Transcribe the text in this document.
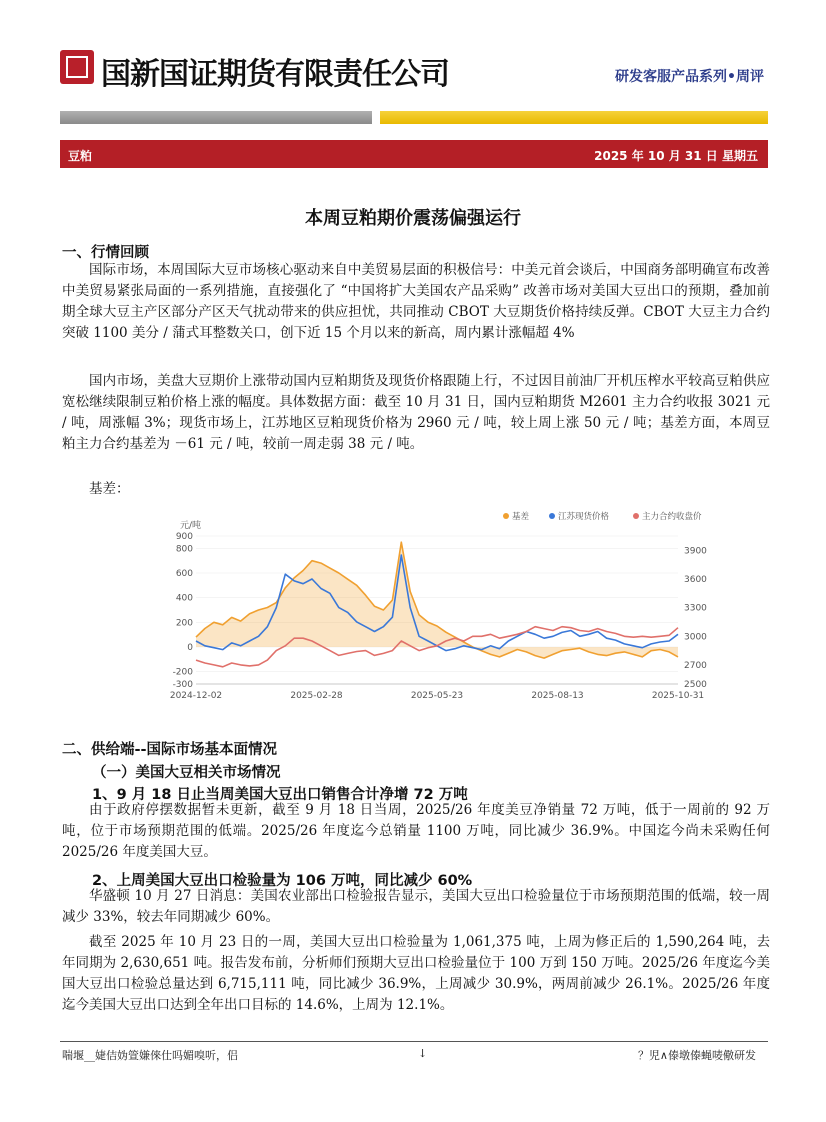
国新国证期货有限责任公司	研发客服产品系列•周评
豆粕	2025 年 10 月 31 日 星期五
本周豆粕期价震荡偏强运行
一、行情回顾

国际市场，本周国际大豆市场核心驱动来自中美贸易层面的积极信号：中美元首会谈后，中国商务部明确宣布改善中美贸易紧张局面的一系列措施，直接强化了 “中国将扩大美国农产品采购” 改善市场对美国大豆出口的预期，叠加前期全球大豆主产区部分产区天气扰动带来的供应担忧，共同推动 CBOT 大豆期货价格持续反弹。CBOT 大豆主力合约突破 1100 美分 / 蒲式耳整数关口，创下近 15 个月以来的新高，周内累计涨幅超 4%

国内市场，美盘大豆期价上涨带动国内豆粕期货及现货价格跟随上行，不过因目前油厂开机压榨水平较高豆粕供应宽松继续限制豆粕价格上涨的幅度。具体数据方面：截至 10 月 31 日，国内豆粕期货 M2601 主力合约收报 3021 元 / 吨，周涨幅 3%；现货市场上，江苏地区豆粕现货价格为 2960 元 / 吨，较上周上涨 50 元 / 吨；基差方面，本周豆粕主力合约基差为 －61 元 / 吨，较前一周走弱 38 元 / 吨。

基差：

元/吨
基差	江苏现货价格	主力合约收盘价
900
800
600
400
200
0
-200
-300
3900
3600
3300
3000
2700
2500
2024-12-02	2025-02-28	2025-05-23	2025-08-13	2025-10-31
二、供给端--国际市场基本面情况
（一）美国大豆相关市场情况
1、9 月 18 日止当周美国大豆出口销售合计净增 72 万吨

由于政府停摆数据暂未更新，截至 9 月 18 日当周，2025/26 年度美豆净销量 72 万吨，低于一周前的 92 万吨，位于市场预期范围的低端。2025/26 年度迄今总销量 1100 万吨，同比减少 36.9%。中国迄今尚未采购任何 2025/26 年度美国大豆。

2、上周美国大豆出口检验量为 106 万吨，同比减少 60%

华盛顿 10 月 27 日消息：美国农业部出口检验报告显示，美国大豆出口检验量位于市场预期范围的低端，较一周减少 33%，较去年同期减少 60%。

截至 2025 年 10 月 23 日的一周，美国大豆出口检验量为 1,061,375 吨，上周为修正后的 1,590,264 吨，去年同期为 2,630,651 吨。报告发布前，分析师们预期大豆出口检验量位于 100 万到 150 万吨。2025/26 年度迄今美国大豆出口检验总量达到 6,715,111 吨，同比减少 36.9%，上周减少 30.9%，两周前减少 26.1%。2025/26 年度迄今美国大豆出口达到全年出口目标的 14.6%，上周为 12.1%。

喘堰__婕佶妫箮嫌倈仕吗媚嗅听，侣	↓	？児∧傣墩傣蝇唛儆研发
